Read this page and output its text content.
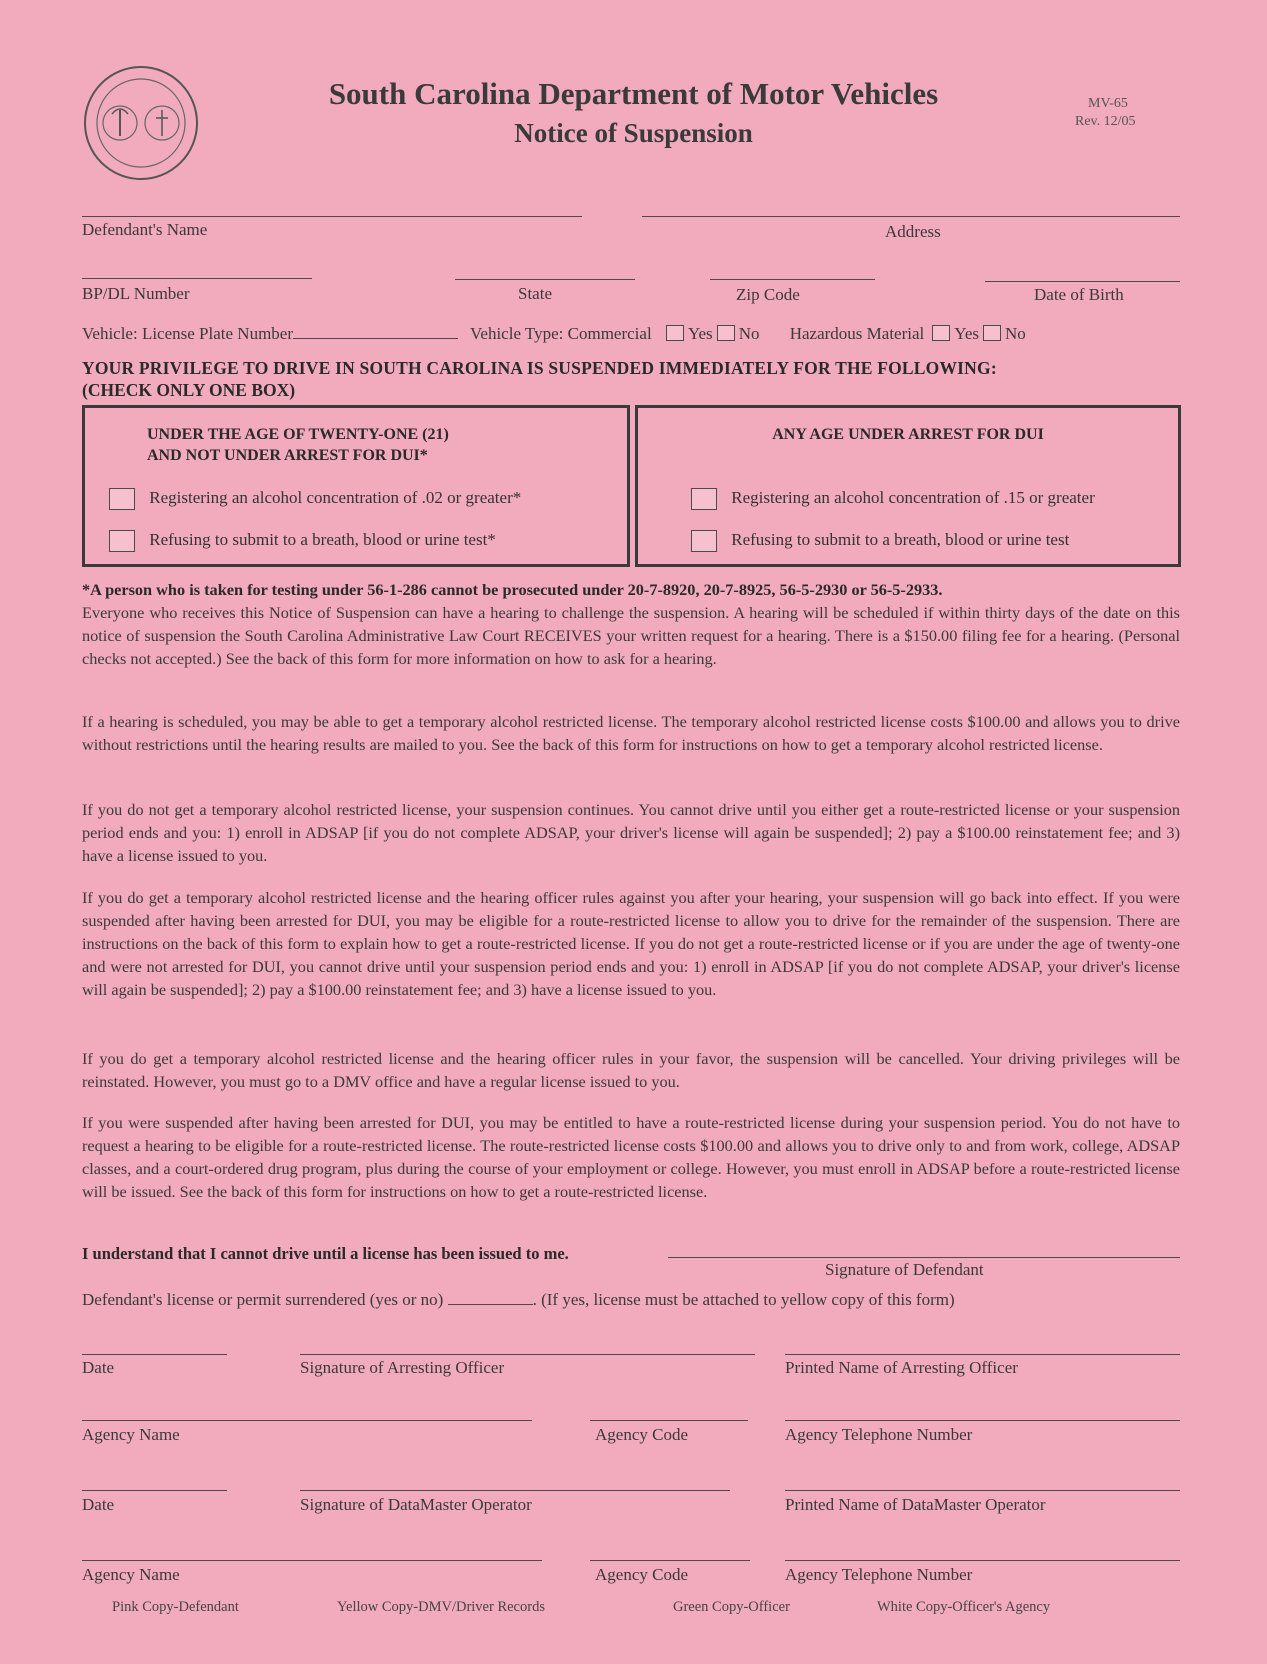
South Carolina Department of Motor Vehicles
Notice of Suspension
MV-65
Rev. 12/05
Defendant's Name	Address
BP/DL Number	State	Zip Code	Date of Birth
Vehicle: License Plate Number	Vehicle Type: Commercial Yes No Hazardous Material Yes No
YOUR PRIVILEGE TO DRIVE IN SOUTH CAROLINA IS SUSPENDED IMMEDIATELY FOR THE FOLLOWING:
(CHECK ONLY ONE BOX)
UNDER THE AGE OF TWENTY-ONE (21)
AND NOT UNDER ARREST FOR DUI*
Registering an alcohol concentration of .02 or greater*
Refusing to submit to a breath, blood or urine test*
ANY AGE UNDER ARREST FOR DUI
Registering an alcohol concentration of .15 or greater
Refusing to submit to a breath, blood or urine test
*A person who is taken for testing under 56-1-286 cannot be prosecuted under 20-7-8920, 20-7-8925, 56-5-2930 or 56-5-2933.
Everyone who receives this Notice of Suspension can have a hearing to challenge the suspension. A hearing will be scheduled if within thirty days of the date on this notice of suspension the South Carolina Administrative Law Court RECEIVES your written request for a hearing. There is a $150.00 filing fee for a hearing. (Personal checks not accepted.) See the back of this form for more information on how to ask for a hearing.
If a hearing is scheduled, you may be able to get a temporary alcohol restricted license. The temporary alcohol restricted license costs $100.00 and allows you to drive without restrictions until the hearing results are mailed to you. See the back of this form for instructions on how to get a temporary alcohol restricted license.
If you do not get a temporary alcohol restricted license, your suspension continues. You cannot drive until you either get a route-restricted license or your suspension period ends and you: 1) enroll in ADSAP [if you do not complete ADSAP, your driver's license will again be suspended]; 2) pay a $100.00 reinstatement fee; and 3) have a license issued to you.
If you do get a temporary alcohol restricted license and the hearing officer rules against you after your hearing, your suspension will go back into effect. If you were suspended after having been arrested for DUI, you may be eligible for a route-restricted license to allow you to drive for the remainder of the suspension. There are instructions on the back of this form to explain how to get a route-restricted license. If you do not get a route-restricted license or if you are under the age of twenty-one and were not arrested for DUI, you cannot drive until your suspension period ends and you: 1) enroll in ADSAP [if you do not complete ADSAP, your driver's license will again be suspended]; 2) pay a $100.00 reinstatement fee; and 3) have a license issued to you.
If you do get a temporary alcohol restricted license and the hearing officer rules in your favor, the suspension will be cancelled. Your driving privileges will be reinstated. However, you must go to a DMV office and have a regular license issued to you.
If you were suspended after having been arrested for DUI, you may be entitled to have a route-restricted license during your suspension period. You do not have to request a hearing to be eligible for a route-restricted license. The route-restricted license costs $100.00 and allows you to drive only to and from work, college, ADSAP classes, and a court-ordered drug program, plus during the course of your employment or college. However, you must enroll in ADSAP before a route-restricted license will be issued. See the back of this form for instructions on how to get a route-restricted license.
I understand that I cannot drive until a license has been issued to me.
Signature of Defendant
Defendant's license or permit surrendered (yes or no)	. (If yes, license must be attached to yellow copy of this form)
Date	Signature of Arresting Officer	Printed Name of Arresting Officer
Agency Name	Agency Code	Agency Telephone Number
Date	Signature of DataMaster Operator	Printed Name of DataMaster Operator
Agency Name	Agency Code	Agency Telephone Number
Pink Copy-Defendant	Yellow Copy-DMV/Driver Records	Green Copy-Officer	White Copy-Officer's Agency
